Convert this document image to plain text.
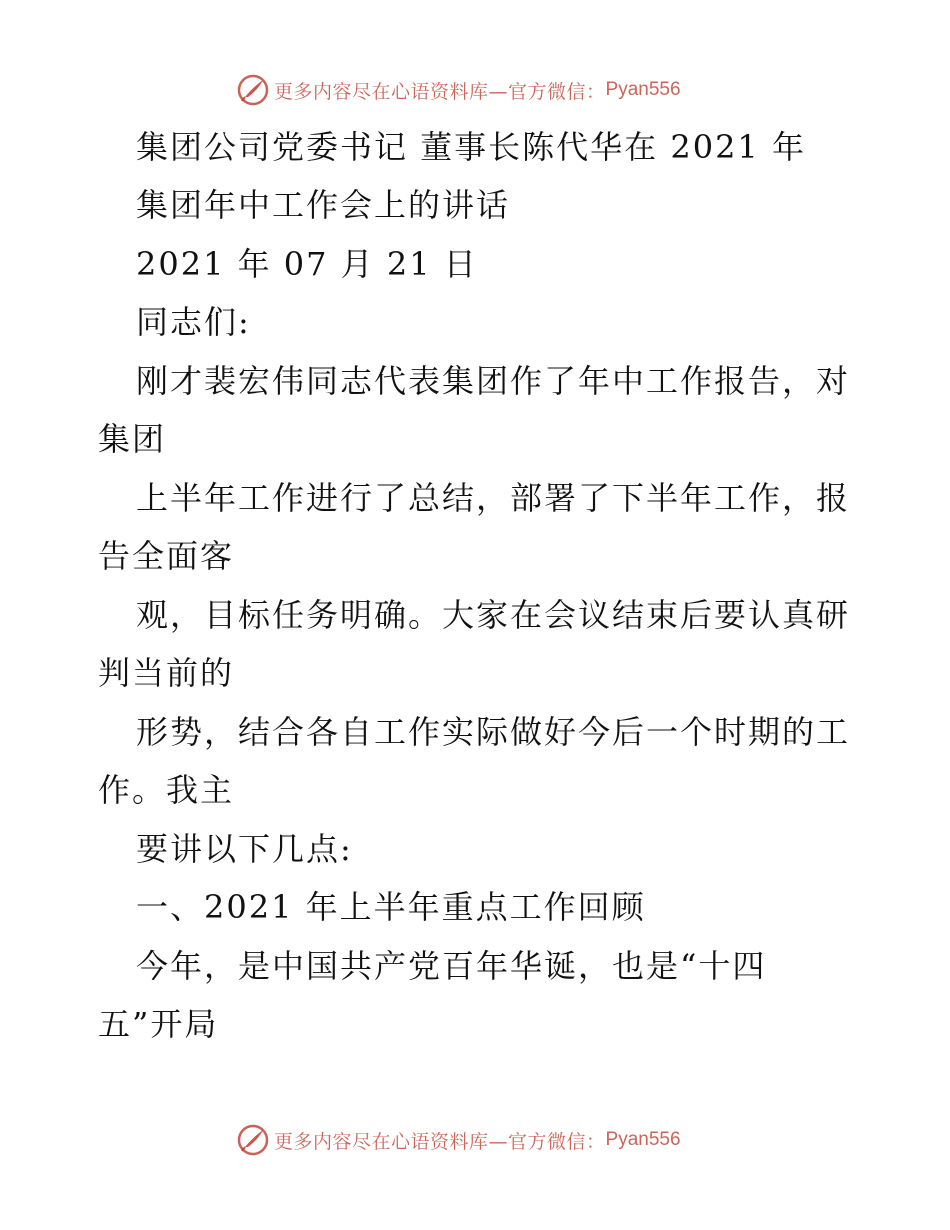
更多内容尽在心语资料库—官方微信： Pyan556
集团公司党委书记 董事长陈代华在 2021 年
集团年中工作会上的讲话
2021 年 07 月 21 日
同志们:
刚才裴宏伟同志代表集团作了年中工作报告，对
集团
上半年工作进行了总结，部署了下半年工作，报
告全面客
观，目标任务明确。大家在会议结束后要认真研
判当前的
形势，结合各自工作实际做好今后一个时期的工
作。我主
要讲以下几点:
一、2021 年上半年重点工作回顾
今年，是中国共产党百年华诞，也是“十四
五”开局
更多内容尽在心语资料库—官方微信： Pyan556
